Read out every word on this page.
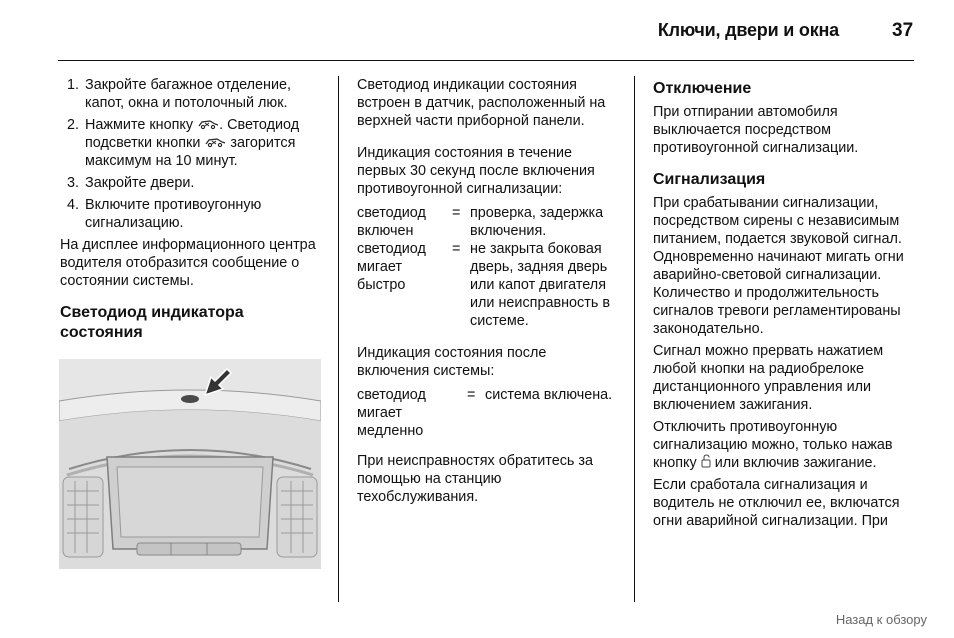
Ключи, двери и окна	37
1. Закройте багажное отделение, капот, окна и потолочный люк.
2. Нажмите кнопку . Светодиод подсветки кнопки  загорится максимум на 10 минут.
3. Закройте двери.
4. Включите противоугонную сигнализацию.

На дисплее информационного центра водителя отобразится сообщение о состоянии системы.

Светодиод индикатора состояния

Светодиод индикации состояния встроен в датчик, расположенный на верхней части приборной панели.

Индикация состояния в течение первых 30 секунд после включения противоугонной сигнализации:

светодиод включен
= проверка, задержка включения.
светодиод мигает быстро
= не закрыта боковая дверь, задняя дверь или капот двигателя или неисправность в системе.

Индикация состояния после включения системы:

светодиод мигает медленно
= система включена.

При неисправностях обратитесь за помощью на станцию техобслуживания.

Отключение

При отпирании автомобиля выключается посредством противоугонной сигнализации.

Сигнализация

При срабатывании сигнализации, посредством сирены с независимым питанием, подается звуковой сигнал. Одновременно начинают мигать огни аварийно-световой сигнализации. Количество и продолжительность сигналов тревоги регламентированы законодательно.

Сигнал можно прервать нажатием любой кнопки на радиобрелоке дистанционного управления или включением зажигания.

Отключить противоугонную сигнализацию можно, только нажав кнопку  или включив зажигание.

Если сработала сигнализация и водитель не отключил ее, включатся огни аварийной сигнализации. При

Назад к обзору
